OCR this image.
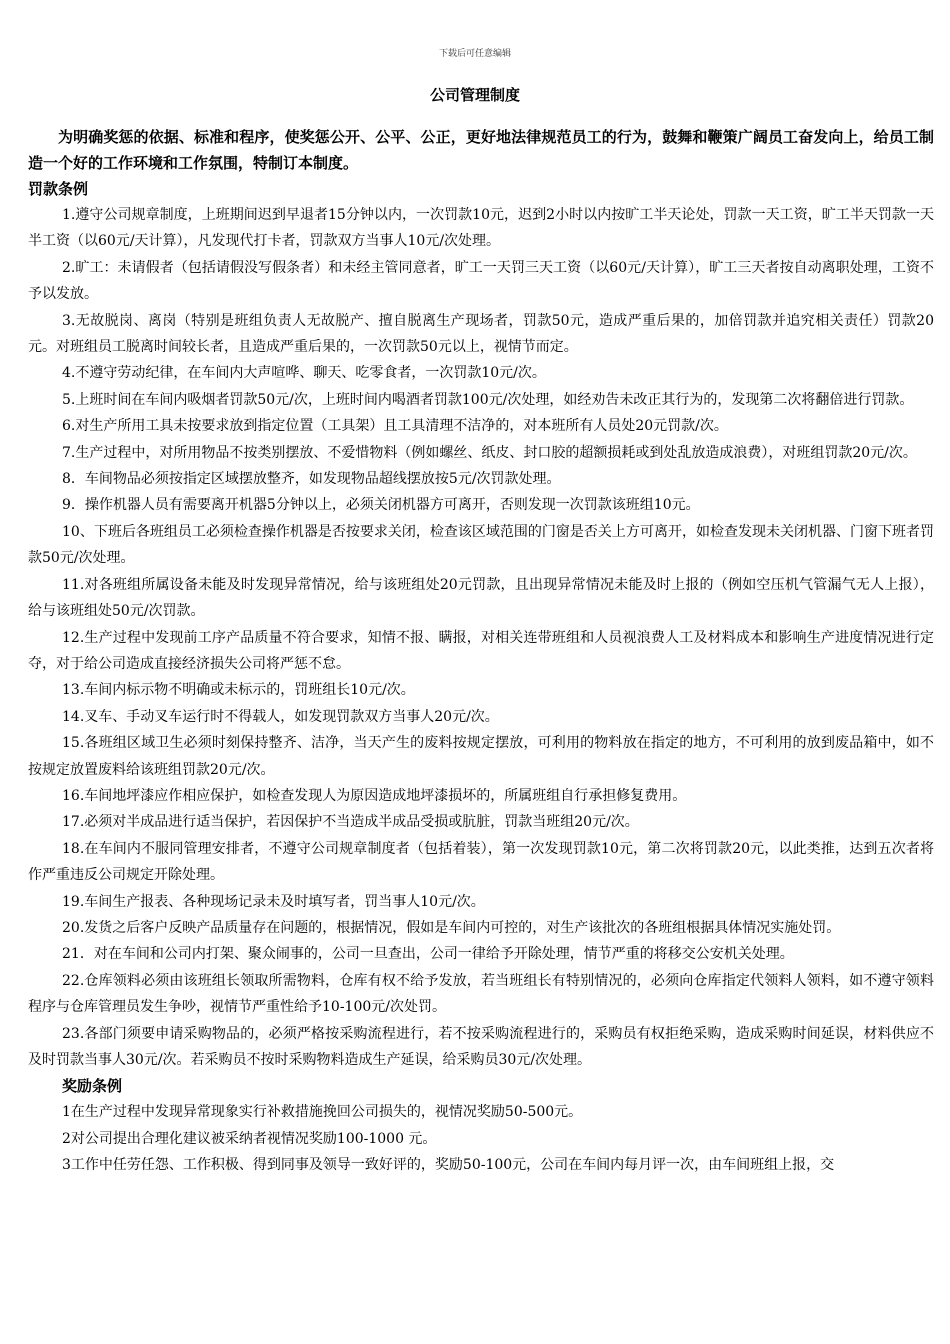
下载后可任意编辑
公司管理制度

为明确奖惩的依据、标准和程序，使奖惩公开、公平、公正，更好地法律规范员工的行为，鼓舞和鞭策广阔员工奋发向上，给员工制造一个好的工作环境和工作氛围，特制订本制度。

罚款条例

1.遵守公司规章制度，上班期间迟到早退者15分钟以内，一次罚款10元，迟到2小时以内按旷工半天论处，罚款一天工资，旷工半天罚款一天半工资（以60元/天计算），凡发现代打卡者，罚款双方当事人10元/次处理。

2.旷工：未请假者（包括请假没写假条者）和未经主管同意者，旷工一天罚三天工资（以60元/天计算），旷工三天者按自动离职处理，工资不予以发放。

3.无故脱岗、离岗（特别是班组负责人无故脱产、擅自脱离生产现场者，罚款50元，造成严重后果的，加倍罚款并追究相关责任）罚款20元。对班组员工脱离时间较长者，且造成严重后果的，一次罚款50元以上，视情节而定。

4.不遵守劳动纪律，在车间内大声喧哗、聊天、吃零食者，一次罚款10元/次。

5.上班时间在车间内吸烟者罚款50元/次，上班时间内喝酒者罚款100元/次处理，如经劝告未改正其行为的，发现第二次将翻倍进行罚款。

6.对生产所用工具未按要求放到指定位置（工具架）且工具清理不洁净的，对本班所有人员处20元罚款/次。

7.生产过程中，对所用物品不按类别摆放、不爱惜物料（例如螺丝、纸皮、封口胶的超额损耗或到处乱放造成浪费），对班组罚款20元/次。

8．车间物品必须按指定区域摆放整齐，如发现物品超线摆放按5元/次罚款处理。

9．操作机器人员有需要离开机器5分钟以上，必须关闭机器方可离开，否则发现一次罚款该班组10元。

10、下班后各班组员工必须检查操作机器是否按要求关闭，检查该区域范围的门窗是否关上方可离开，如检查发现未关闭机器、门窗下班者罚款50元/次处理。

11.对各班组所属设备未能及时发现异常情况，给与该班组处20元罚款，且出现异常情况未能及时上报的（例如空压机气管漏气无人上报），给与该班组处50元/次罚款。

12.生产过程中发现前工序产品质量不符合要求，知情不报、瞒报，对相关连带班组和人员视浪费人工及材料成本和影响生产进度情况进行定夺，对于给公司造成直接经济损失公司将严惩不怠。

13.车间内标示物不明确或未标示的，罚班组长10元/次。

14.叉车、手动叉车运行时不得载人，如发现罚款双方当事人20元/次。

15.各班组区域卫生必须时刻保持整齐、洁净，当天产生的废料按规定摆放，可利用的物料放在指定的地方，不可利用的放到废品箱中，如不按规定放置废料给该班组罚款20元/次。

16.车间地坪漆应作相应保护，如检查发现人为原因造成地坪漆损坏的，所属班组自行承担修复费用。

17.必须对半成品进行适当保护，若因保护不当造成半成品受损或肮脏，罚款当班组20元/次。

18.在车间内不服同管理安排者，不遵守公司规章制度者（包括着装），第一次发现罚款10元，第二次将罚款20元，以此类推，达到五次者将作严重违反公司规定开除处理。

19.车间生产报表、各种现场记录未及时填写者，罚当事人10元/次。

20.发货之后客户反映产品质量存在问题的，根据情况，假如是车间内可控的，对生产该批次的各班组根据具体情况实施处罚。

21．对在车间和公司内打架、聚众闹事的，公司一旦查出，公司一律给予开除处理，情节严重的将移交公安机关处理。

22.仓库领料必须由该班组长领取所需物料，仓库有权不给予发放，若当班组长有特别情况的，必须向仓库指定代领料人领料，如不遵守领料程序与仓库管理员发生争吵，视情节严重性给予10-100元/次处罚。

23.各部门须要申请采购物品的，必须严格按采购流程进行，若不按采购流程进行的，采购员有权拒绝采购，造成采购时间延误，材料供应不及时罚款当事人30元/次。若采购员不按时采购物料造成生产延误，给采购员30元/次处理。

奖励条例

1在生产过程中发现异常现象实行补救措施挽回公司损失的，视情况奖励50-500元。

2对公司提出合理化建议被采纳者视情况奖励100-1000 元。

3工作中任劳任怨、工作积极、得到同事及领导一致好评的，奖励50-100元，公司在车间内每月评一次，由车间班组上报，交
